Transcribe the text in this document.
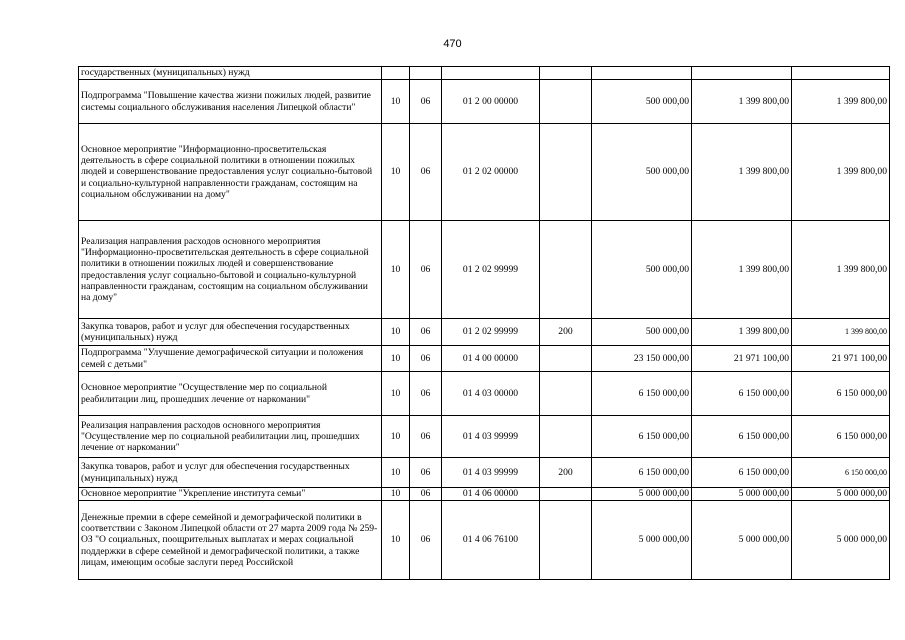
470
государственных (муниципальных) нужд							
Подпрограмма "Повышение качества жизни пожилых людей, развитие системы социального обслуживания населения Липецкой области"	10	06	01 2 00 00000		500 000,00	1 399 800,00	1 399 800,00
Основное мероприятие "Информационно-просветительская деятельность в сфере социальной политики в отношении пожилых людей и совершенствование предоставления услуг социально-бытовой и социально-культурной направленности гражданам, состоящим на социальном обслуживании на дому"	10	06	01 2 02 00000		500 000,00	1 399 800,00	1 399 800,00
Реализация направления расходов основного мероприятия "Информационно-просветительская деятельность в сфере социальной политики в отношении пожилых людей и совершенствование предоставления услуг социально-бытовой и социально-культурной направленности гражданам, состоящим на социальном обслуживании на дому"	10	06	01 2 02 99999		500 000,00	1 399 800,00	1 399 800,00
Закупка товаров, работ и услуг для обеспечения государственных (муниципальных) нужд	10	06	01 2 02 99999	200	500 000,00	1 399 800,00	1 399 800,00
Подпрограмма "Улучшение демографической ситуации и положения семей с детьми"	10	06	01 4 00 00000		23 150 000,00	21 971 100,00	21 971 100,00
Основное мероприятие "Осуществление мер по социальной реабилитации лиц, прошедших лечение от наркомании"	10	06	01 4 03 00000		6 150 000,00	6 150 000,00	6 150 000,00
Реализация направления расходов основного мероприятия "Осуществление мер по социальной реабилитации лиц, прошедших лечение от наркомании"	10	06	01 4 03 99999		6 150 000,00	6 150 000,00	6 150 000,00
Закупка товаров, работ и услуг для обеспечения государственных (муниципальных) нужд	10	06	01 4 03 99999	200	6 150 000,00	6 150 000,00	6 150 000,00
Основное мероприятие "Укрепление института семьи"	10	06	01 4 06 00000		5 000 000,00	5 000 000,00	5 000 000,00
Денежные премии в сфере семейной и демографической политики в соответствии с Законом Липецкой области от 27 марта 2009 года № 259-ОЗ "О социальных, поощрительных выплатах и мерах социальной поддержки в сфере семейной и демографической политики, а также лицам, имеющим особые заслуги перед Российской	10	06	01 4 06 76100		5 000 000,00	5 000 000,00	5 000 000,00
